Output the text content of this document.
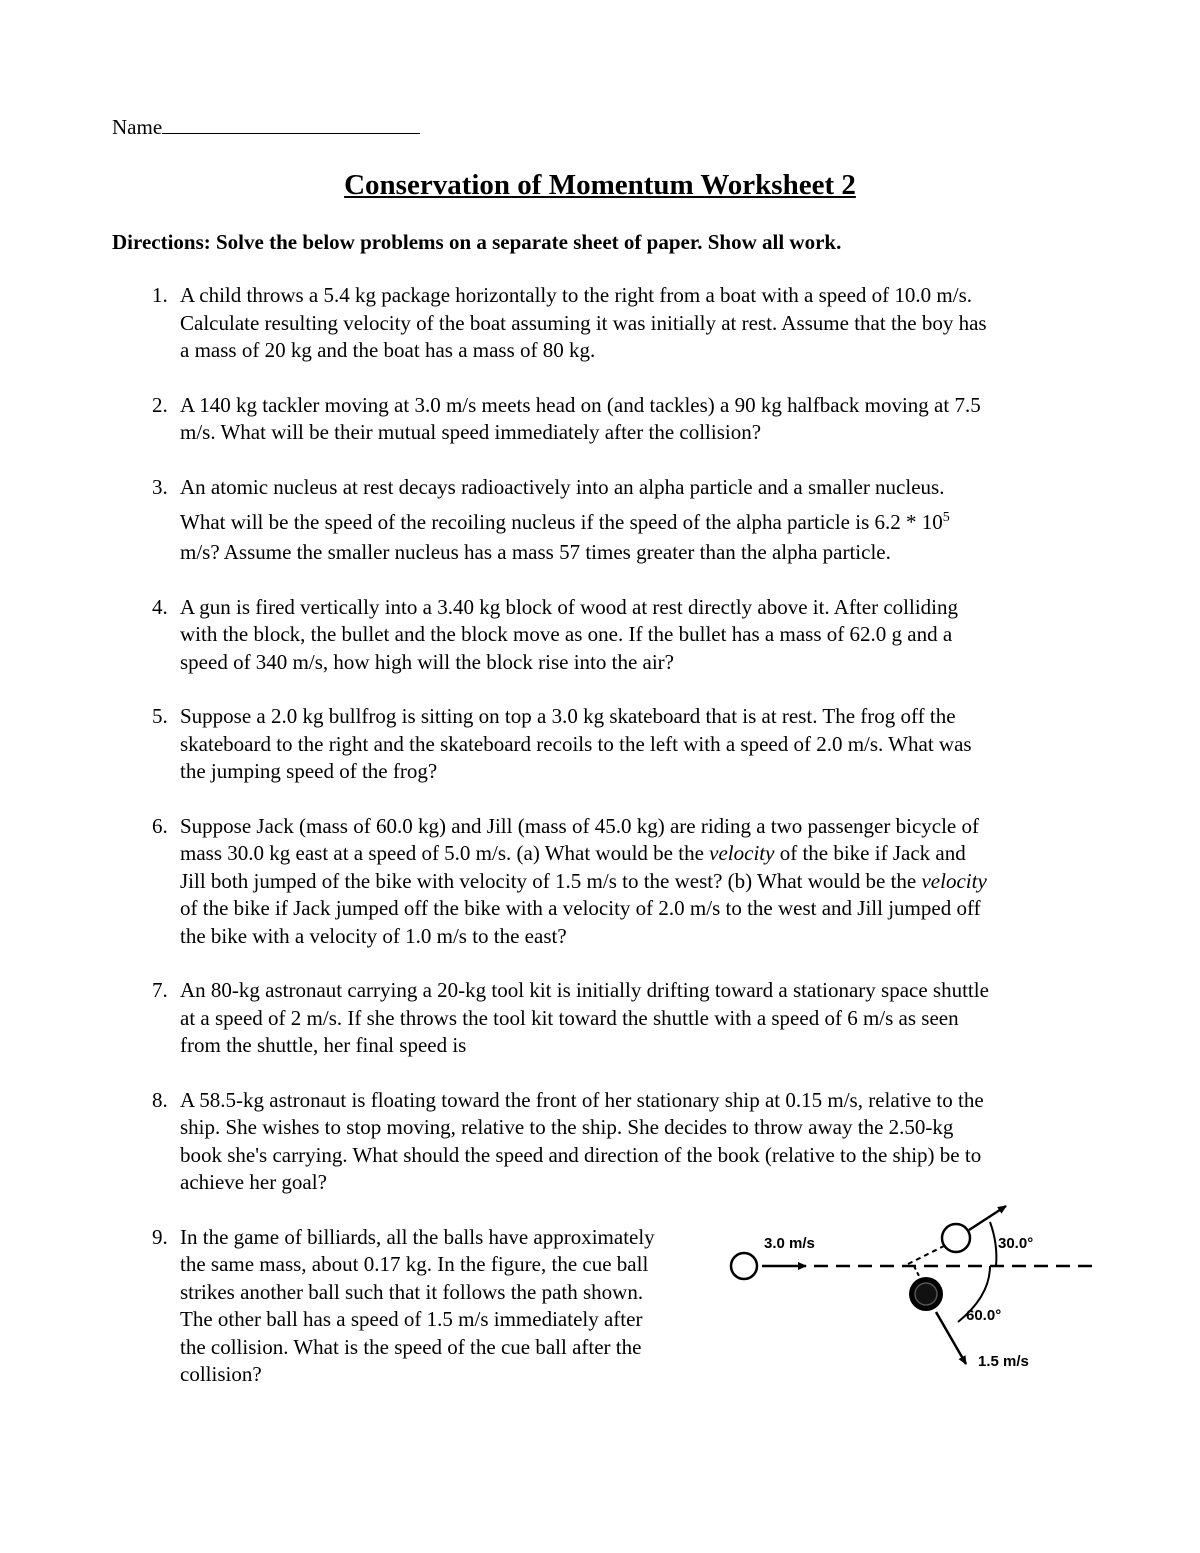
Name
Conservation of Momentum Worksheet 2
Directions: Solve the below problems on a separate sheet of paper. Show all work.
1. A child throws a 5.4 kg package horizontally to the right from a boat with a speed of 10.0 m/s.
Calculate resulting velocity of the boat assuming it was initially at rest. Assume that the boy has
a mass of 20 kg and the boat has a mass of 80 kg.
2. A 140 kg tackler moving at 3.0 m/s meets head on (and tackles) a 90 kg halfback moving at 7.5
m/s. What will be their mutual speed immediately after the collision?
3. An atomic nucleus at rest decays radioactively into an alpha particle and a smaller nucleus.
What will be the speed of the recoiling nucleus if the speed of the alpha particle is $6.2 * 10^5$
m/s? Assume the smaller nucleus has a mass 57 times greater than the alpha particle.
4. A gun is fired vertically into a 3.40 kg block of wood at rest directly above it. After colliding
with the block, the bullet and the block move as one. If the bullet has a mass of 62.0 g and a
speed of 340 m/s, how high will the block rise into the air?
5. Suppose a 2.0 kg bullfrog is sitting on top a 3.0 kg skateboard that is at rest. The frog off the
skateboard to the right and the skateboard recoils to the left with a speed of 2.0 m/s. What was
the jumping speed of the frog?
6. Suppose Jack (mass of 60.0 kg) and Jill (mass of 45.0 kg) are riding a two passenger bicycle of
mass 30.0 kg east at a speed of 5.0 m/s. (a) What would be the velocity of the bike if Jack and
Jill both jumped of the bike with velocity of 1.5 m/s to the west? (b) What would be the velocity
of the bike if Jack jumped off the bike with a velocity of 2.0 m/s to the west and Jill jumped off
the bike with a velocity of 1.0 m/s to the east?
7. An 80-kg astronaut carrying a 20-kg tool kit is initially drifting toward a stationary space shuttle
at a speed of 2 m/s. If she throws the tool kit toward the shuttle with a speed of 6 m/s as seen
from the shuttle, her final speed is
8. A 58.5-kg astronaut is floating toward the front of her stationary ship at 0.15 m/s, relative to the
ship. She wishes to stop moving, relative to the ship. She decides to throw away the 2.50-kg
book she's carrying. What should the speed and direction of the book (relative to the ship) be to
achieve her goal?
9. In the game of billiards, all the balls have approximately
the same mass, about 0.17 kg. In the figure, the cue ball
strikes another ball such that it follows the path shown.
The other ball has a speed of 1.5 m/s immediately after
the collision. What is the speed of the cue ball after the
collision?
3.0 m/s	30.0°
60.0°
1.5 m/s
